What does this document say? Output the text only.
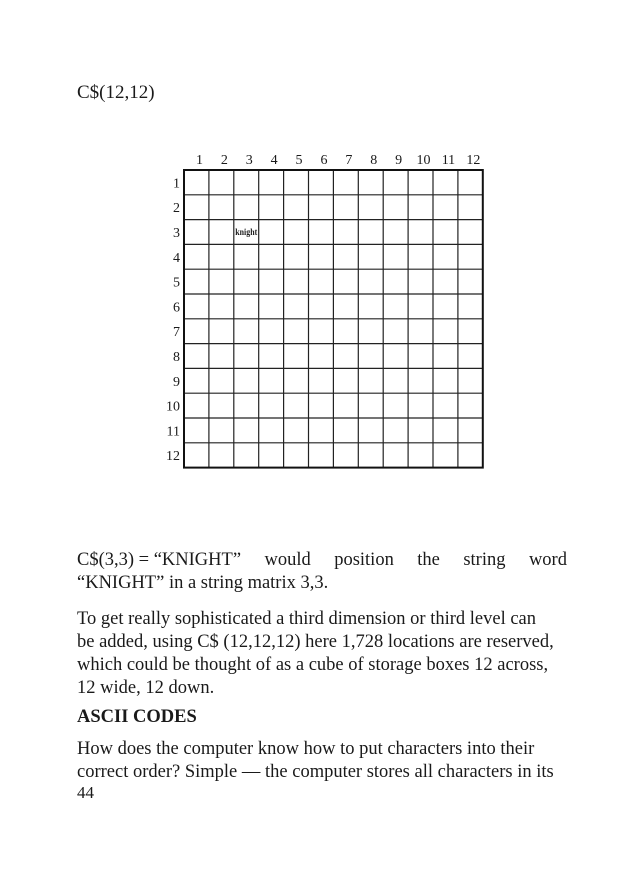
C$(12,12)
1 2 3 4 5 6 7 8 9 10 11 12
1
2
3
4
5
6
7
8
9
10
11
12
knight
C$(3,3) = “KNIGHT” would position the string word
“KNIGHT” in a string matrix 3,3.
To get really sophisticated a third dimension or third level can
be added, using C$ (12,12,12) here 1,728 locations are reserved,
which could be thought of as a cube of storage boxes 12 across,
12 wide, 12 down.
ASCII CODES
How does the computer know how to put characters into their
correct order? Simple — the computer stores all characters in its
44
